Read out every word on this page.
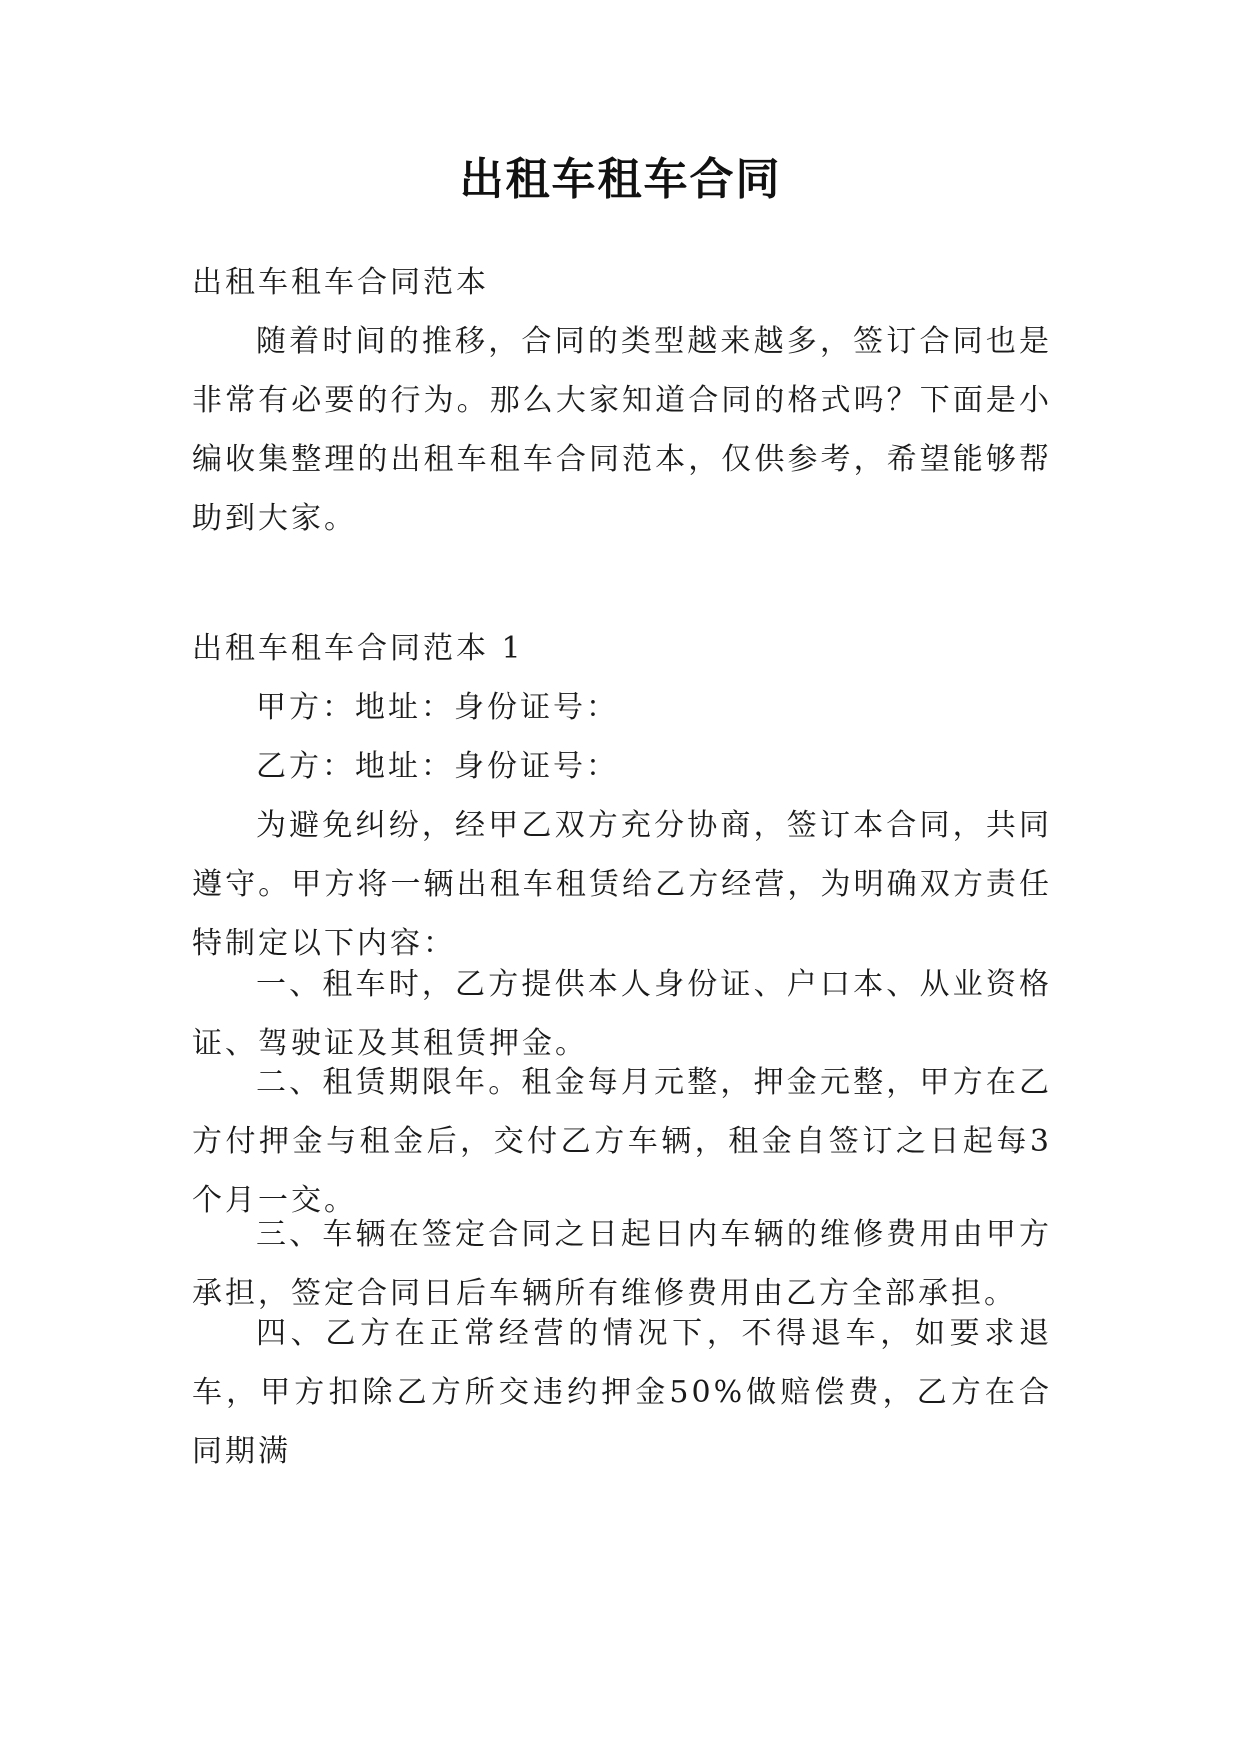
出租车租车合同
出租车租车合同范本

随着时间的推移，合同的类型越来越多，签订合同也是非常有必要的行为。那么大家知道合同的格式吗？下面是小编收集整理的出租车租车合同范本，仅供参考，希望能够帮助到大家。

出租车租车合同范本 1
甲方：地址：身份证号：
乙方：地址：身份证号：

为避免纠纷，经甲乙双方充分协商，签订本合同，共同遵守。甲方将一辆出租车租赁给乙方经营，为明确双方责任特制定以下内容：

一、租车时，乙方提供本人身份证、户口本、从业资格证、驾驶证及其租赁押金。

二、租赁期限年。租金每月元整，押金元整，甲方在乙方付押金与租金后，交付乙方车辆，租金自签订之日起每3个月一交。

三、车辆在签定合同之日起日内车辆的维修费用由甲方承担，签定合同日后车辆所有维修费用由乙方全部承担。

四、乙方在正常经营的情况下，不得退车，如要求退车，甲方扣除乙方所交违约押金50%做赔偿费，乙方在合同期满
